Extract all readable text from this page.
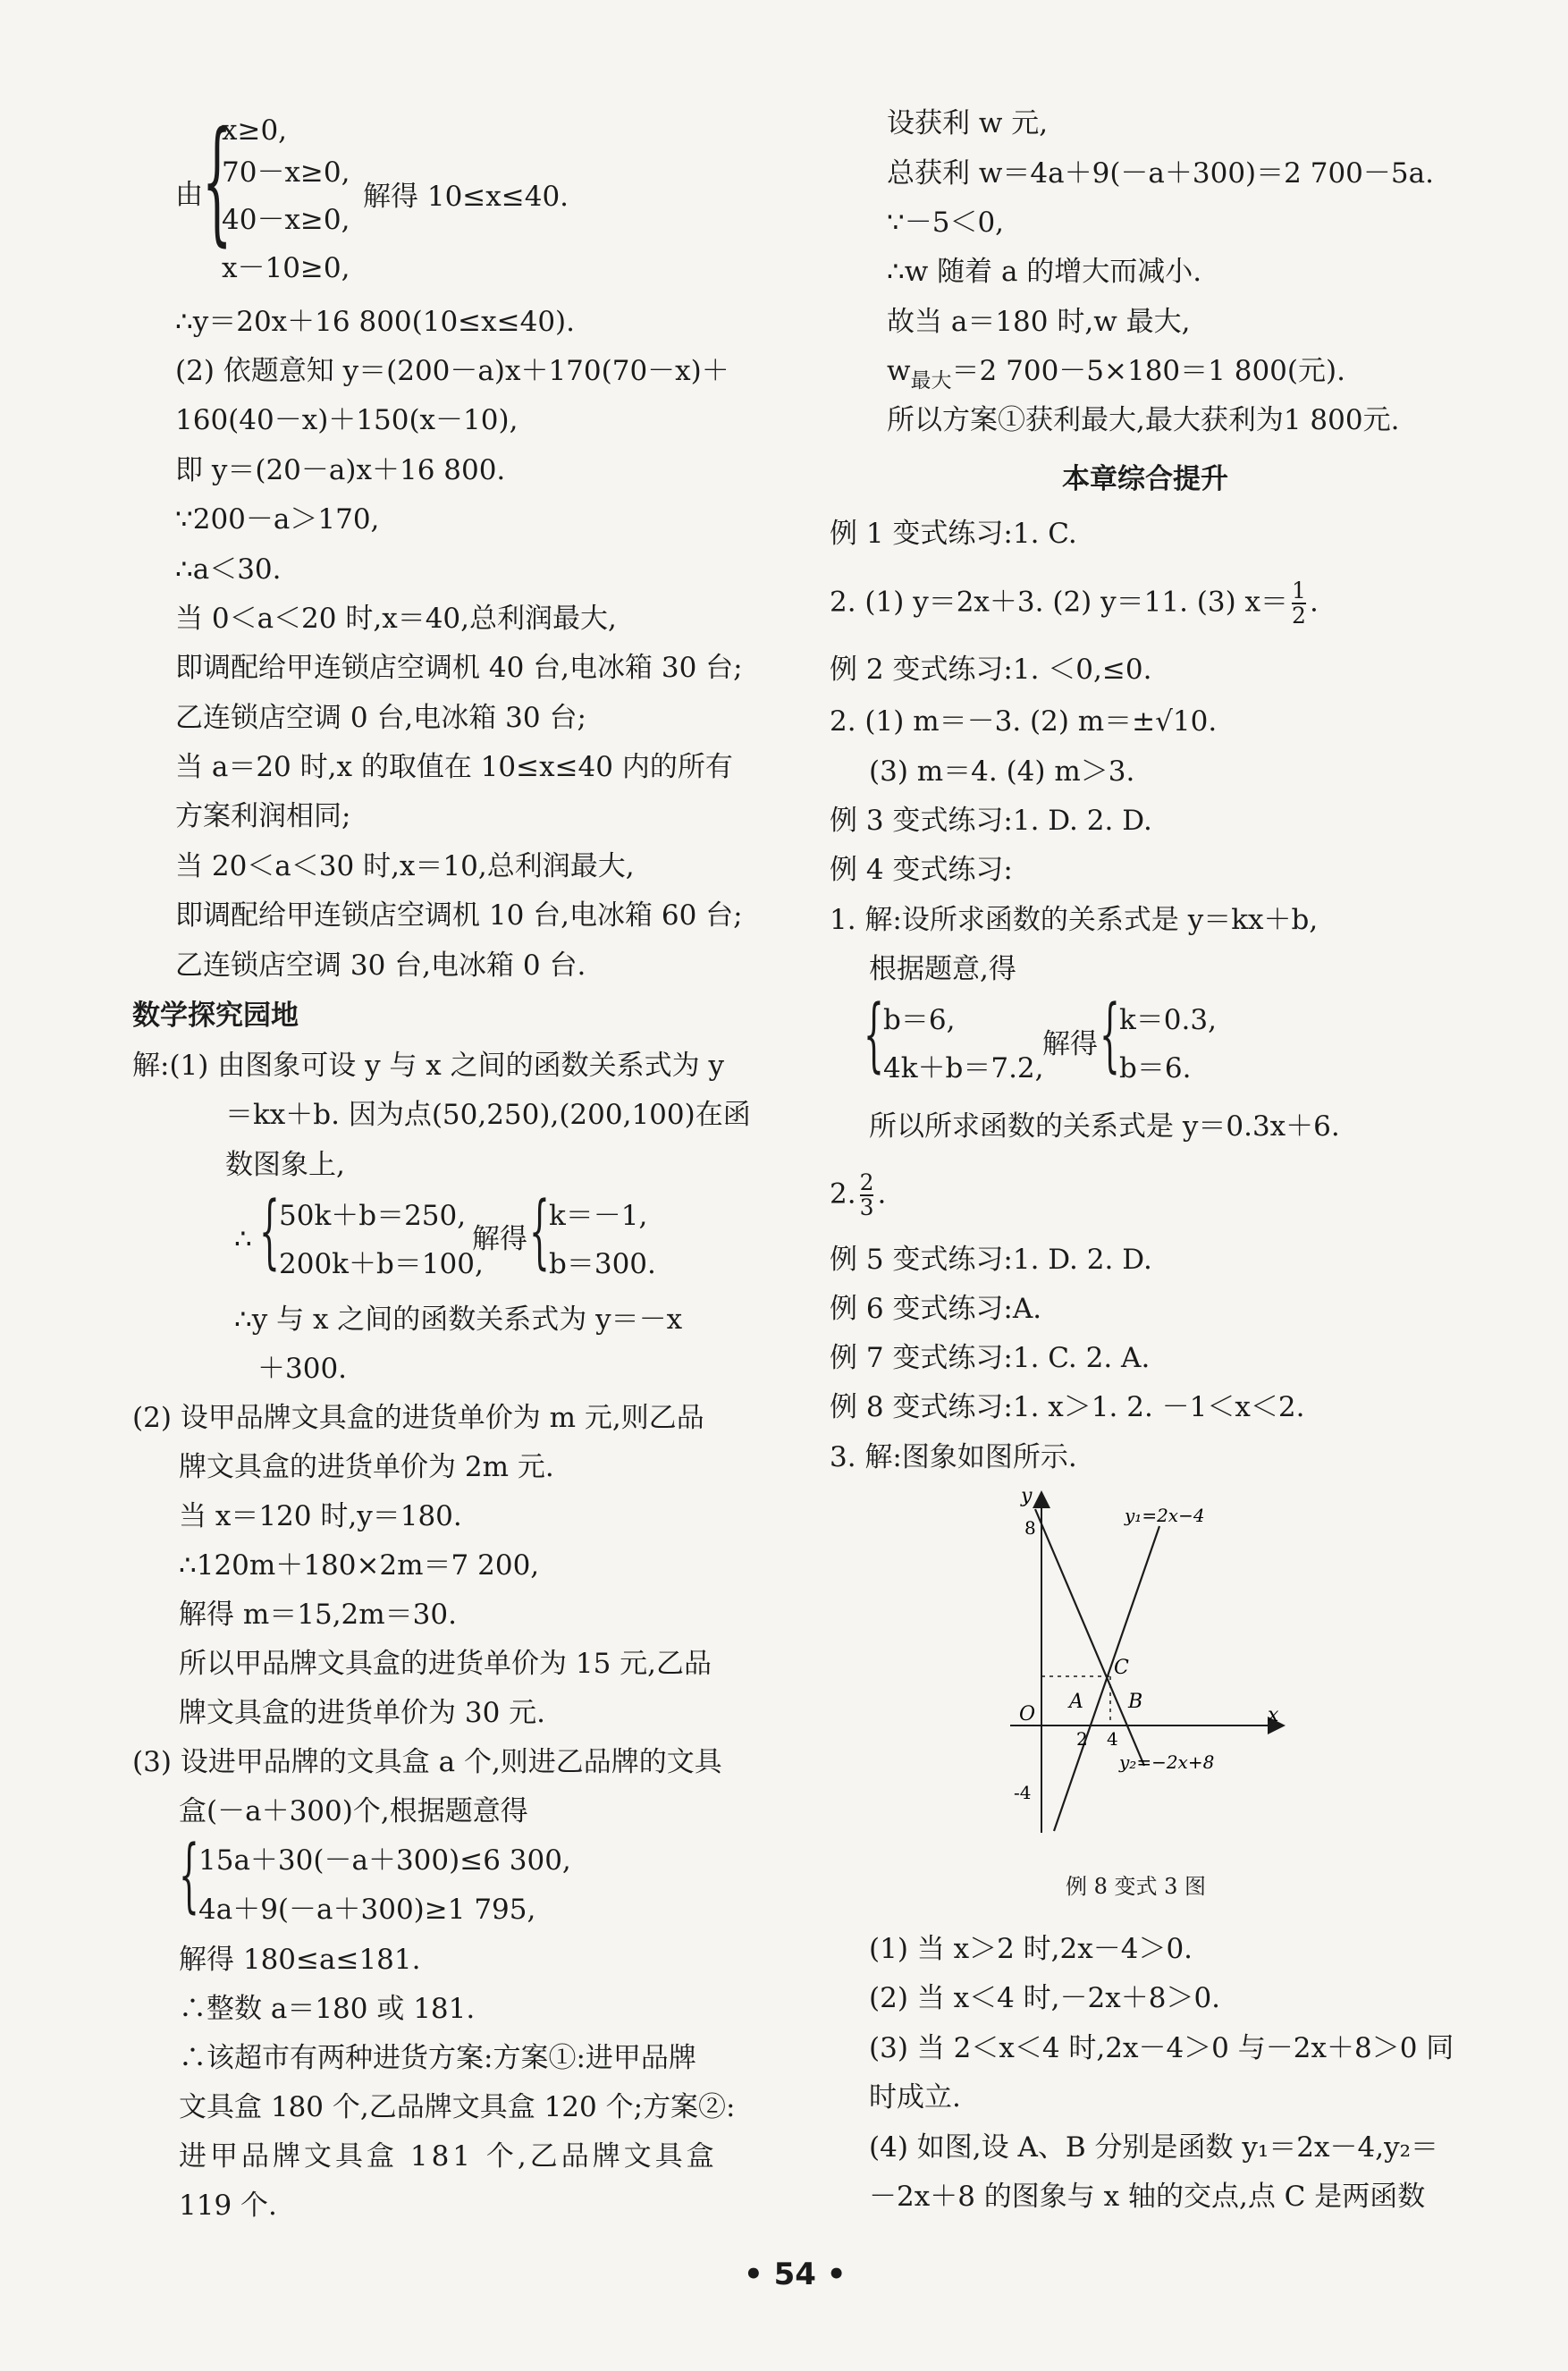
由 {
x≥0,
70－x≥0,
40－x≥0,
x－10≥0,
解得 10≤x≤40.
∴y＝20x＋16 800(10≤x≤40).
(2) 依题意知 y＝(200－a)x＋170(70－x)＋
160(40－x)＋150(x－10),
即 y＝(20－a)x＋16 800.
∵200－a＞170,
∴a＜30.
当 0＜a＜20 时,x＝40,总利润最大,
即调配给甲连锁店空调机 40 台,电冰箱 30 台;
乙连锁店空调 0 台,电冰箱 30 台;
当 a＝20 时,x 的取值在 10≤x≤40 内的所有
方案利润相同;
当 20＜a＜30 时,x＝10,总利润最大,
即调配给甲连锁店空调机 10 台,电冰箱 60 台;
乙连锁店空调 30 台,电冰箱 0 台.
数学探究园地
解:(1) 由图象可设 y 与 x 之间的函数关系式为 y
＝kx＋b. 因为点(50,250),(200,100)在函
数图象上,
∴ { 50k＋b＝250,
200k＋b＝100,
解得 { k＝－1,
b＝300.
∴y 与 x 之间的函数关系式为 y＝－x
＋300.
(2) 设甲品牌文具盒的进货单价为 m 元,则乙品
牌文具盒的进货单价为 2m 元.
当 x＝120 时,y＝180.
∴120m＋180×2m＝7 200,
解得 m＝15,2m＝30.
所以甲品牌文具盒的进货单价为 15 元,乙品
牌文具盒的进货单价为 30 元.
(3) 设进甲品牌的文具盒 a 个,则进乙品牌的文具
盒(－a＋300)个,根据题意得
{ 15a＋30(－a＋300)≤6 300,
4a＋9(－a＋300)≥1 795,
解得 180≤a≤181.
∴整数 a＝180 或 181.
∴该超市有两种进货方案:方案①:进甲品牌
文具盒 180 个,乙品牌文具盒 120 个;方案②:
进甲品牌文具盒 181 个,乙品牌文具盒
119 个.
设获利 w 元,
总获利 w＝4a＋9(－a＋300)＝2 700－5a.
∵－5＜0,
∴w 随着 a 的增大而减小.
故当 a＝180 时,w 最大,
$w_{最大}=2$ 700－5×180＝1 800(元).
所以方案①获利最大,最大获利为1 800元.
本章综合提升
例 1 变式练习:1. C.
2. (1) y＝2x＋3. (2) y＝11. (3) $x= \frac{1}{2}$ .
例 2 变式练习:1. ＜0,≤0.
2. (1) m＝－3. (2) m＝±√10.
(3) m＝4. (4) m＞3.
例 3 变式练习:1. D. 2. D.
例 4 变式练习:
1. 解:设所求函数的关系式是 y＝kx＋b,
根据题意,得
{ b＝6,
4k＋b＝7.2,
解得 { k＝0.3,
b＝6.
所以所求函数的关系式是 y＝0.3x＋6.
2. $\frac{2}{3}$ .
例 5 变式练习:1. D. 2. D.
例 6 变式练习:A.
例 7 变式练习:1. C. 2. A.
例 8 变式练习:1. x＞1. 2. －1＜x＜2.
3. 解:图象如图所示.
y
x
O
8
-4
2 4
A B
C
y₁=2x−4
y₂=−2x+8
例 8 变式 3 图
(1) 当 x＞2 时,2x－4＞0.
(2) 当 x＜4 时,－2x＋8＞0.
(3) 当 2＜x＜4 时,2x－4＞0 与－2x＋8＞0 同
时成立.
(4) 如图,设 A、B 分别是函数 y₁＝2x－4,y₂＝
－2x＋8 的图象与 x 轴的交点,点 C 是两函数
• 54 •
